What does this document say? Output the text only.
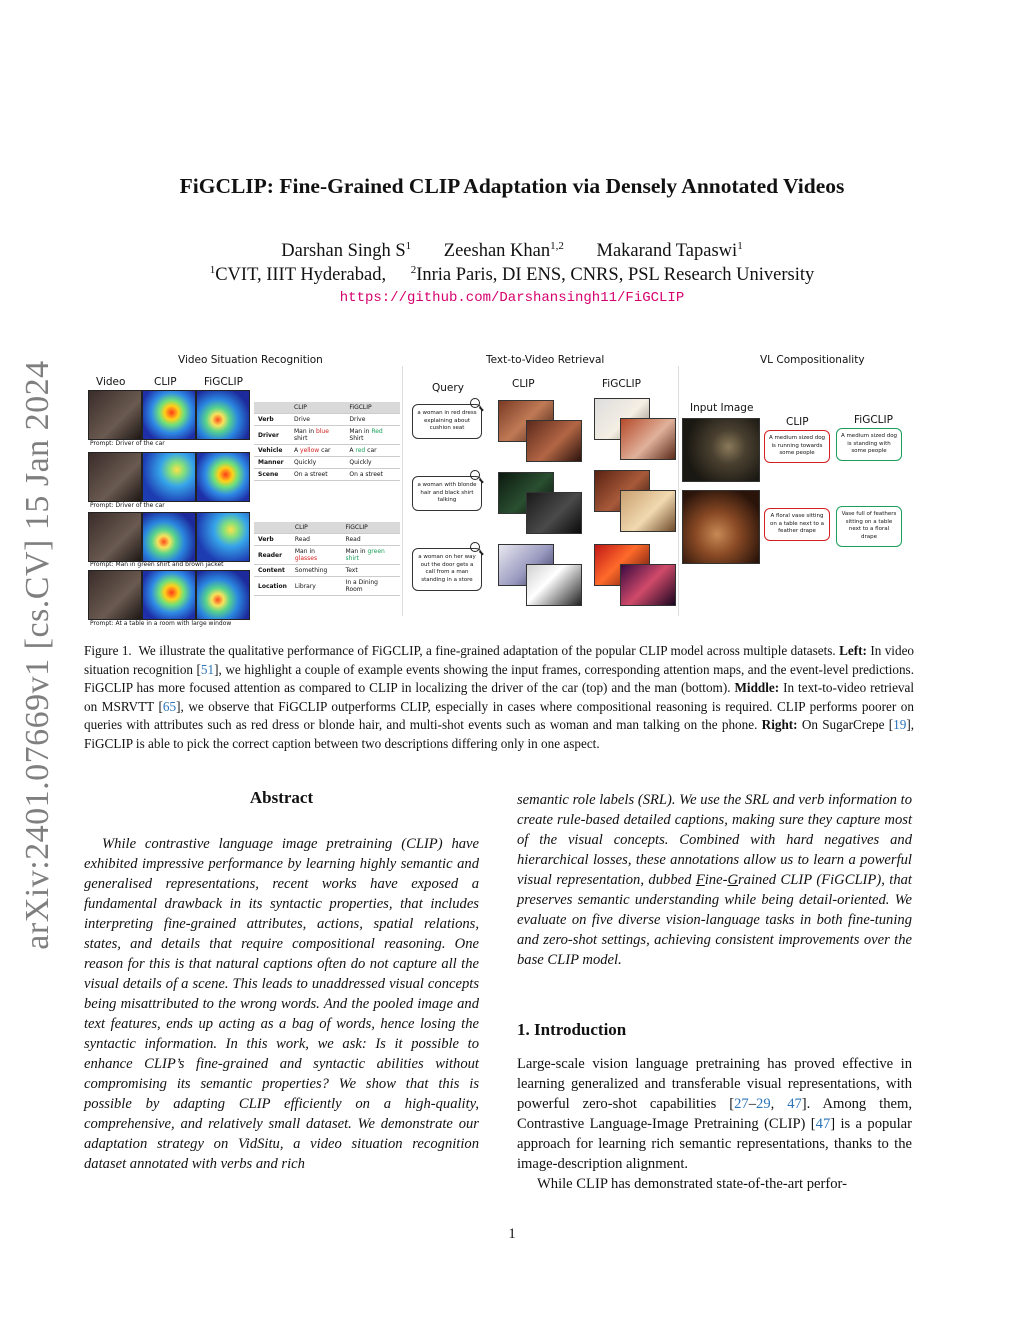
arXiv:2401.07669v1 [cs.CV] 15 Jan 2024
FiGCLIP: Fine-Grained CLIP Adaptation via Densely Annotated Videos
Darshan Singh $S^1$ Zeeshan Khan$^{1,2}$ Makarand Tapaswi$^1$
$^1$CVIT, IIIT Hyderabad, $^2$Inria Paris, DI ENS, CNRS, PSL Research University
https://github.com/Darshansingh11/FiGCLIP
Video Situation Recognition
Video	CLIP	FiGCLIP
Prompt: Driver of the car
Prompt: Driver of the car
Prompt: Man in green shirt and brown jacket
Prompt: At a table in a room with large window
	CLIP	FiGCLIP
Verb	Drive	Drive
Driver	Man in blue shirt	Man in Red Shirt
Vehicle	A yellow car	A red car
Manner	Quickly	Quickly
Scene	On a street	On a street
	CLIP	FiGCLIP
Verb	Read	Read
Reader	Man in glasses	Man in green shirt
Content	Something	Text
Location	Library	In a Dining Room
Text-to-Video Retrieval
Query	CLIP	FiGCLIP
a woman in red dress explaining about cushion seat
a woman with blonde hair and black shirt talking
a woman on her way out the door gets a call from a man standing in a store
VL Compositionality
Input Image
CLIP	FiGCLIP
A medium sized dog is running towards some people
A medium sized dog is standing with some people
A floral vase sitting on a table next to a feather drape
Vase full of feathers sitting on a table next to a floral drape
Figure 1. We illustrate the qualitative performance of FiGCLIP, a fine-grained adaptation of the popular CLIP model across multiple datasets. Left: In video situation recognition [51], we highlight a couple of example events showing the input frames, corresponding attention maps, and the event-level predictions. FiGCLIP has more focused attention as compared to CLIP in localizing the driver of the car (top) and the man (bottom). Middle: In text-to-video retrieval on MSRVTT [65], we observe that FiGCLIP outperforms CLIP, especially in cases where compositional reasoning is required. CLIP performs poorer on queries with attributes such as red dress or blonde hair, and multi-shot events such as woman and man talking on the phone. Right: On SugarCrepe [19], FiGCLIP is able to pick the correct caption between two descriptions differing only in one aspect.
Abstract
While contrastive language image pretraining (CLIP) have exhibited impressive performance by learning highly semantic and generalised representations, recent works have exposed a fundamental drawback in its syntactic properties, that includes interpreting fine-grained attributes, actions, spatial relations, states, and details that require compositional reasoning. One reason for this is that natural captions often do not capture all the visual details of a scene. This leads to unaddressed visual concepts being misattributed to the wrong words. And the pooled image and text features, ends up acting as a bag of words, hence losing the syntactic information. In this work, we ask: Is it possible to enhance CLIP’s fine-grained and syntactic abilities without compromising its semantic properties? We show that this is possible by adapting CLIP efficiently on a high-quality, comprehensive, and relatively small dataset. We demonstrate our adaptation strategy on VidSitu, a video situation recognition dataset annotated with verbs and rich
semantic role labels (SRL). We use the SRL and verb information to create rule-based detailed captions, making sure they capture most of the visual concepts. Combined with hard negatives and hierarchical losses, these annotations allow us to learn a powerful visual representation, dubbed Fine-Grained CLIP (FiGCLIP), that preserves semantic understanding while being detail-oriented. We evaluate on five diverse vision-language tasks in both fine-tuning and zero-shot settings, achieving consistent improvements over the base CLIP model.
1. Introduction
Large-scale vision language pretraining has proved effective in learning generalized and transferable visual representations, with powerful zero-shot capabilities [27–29, 47]. Among them, Contrastive Language-Image Pretraining (CLIP) [47] is a popular approach for learning rich semantic representations, thanks to the image-description alignment.
While CLIP has demonstrated state-of-the-art perfor-
1
